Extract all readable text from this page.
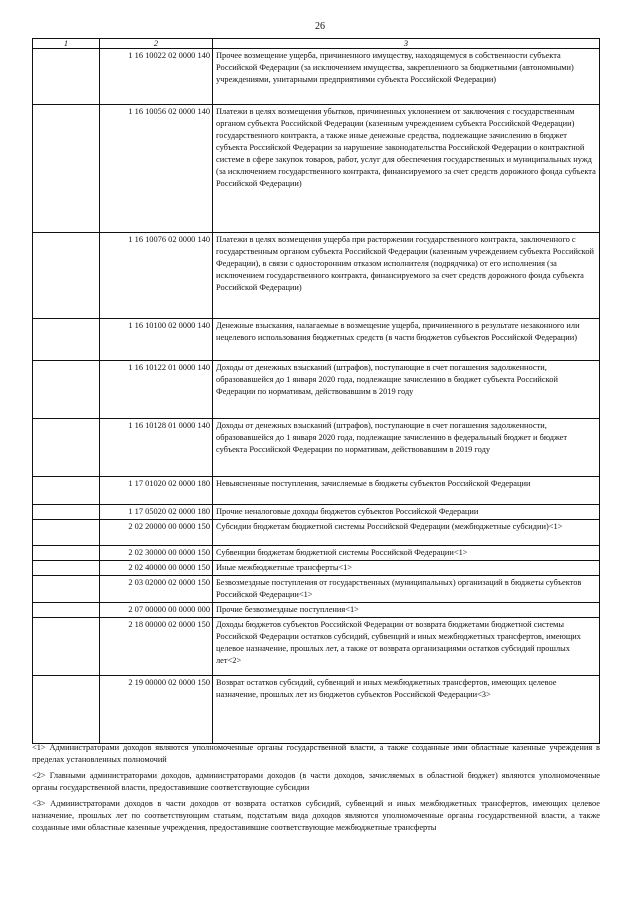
26
1	2	3
	1 16 10022 02 0000 140	Прочее возмещение ущерба, причиненного имуществу, находящемуся в собственности субъекта Российской Федерации (за исключением имущества, закрепленного за бюджетными (автономными) учреждениями, унитарными предприятиями субъекта Российской Федерации)
	1 16 10056 02 0000 140	Платежи в целях возмещения убытков, причиненных уклонением от заключения с государственным органом субъекта Российской Федерации (казенным учреждением субъекта Российской Федерации) государственного контракта, а также иные денежные средства, подлежащие зачислению в бюджет субъекта Российской Федерации за нарушение законодательства Российской Федерации о контрактной системе в сфере закупок товаров, работ, услуг для обеспечения государственных и муниципальных нужд (за исключением государственного контракта, финансируемого за счет средств дорожного фонда субъекта Российской Федерации)
	1 16 10076 02 0000 140	Платежи в целях возмещения ущерба при расторжении государственного контракта, заключенного с государственным органом субъекта Российской Федерации (казенным учреждением субъекта Российской Федерации), в связи с односторонним отказом исполнителя (подрядчика) от его исполнения (за исключением государственного контракта, финансируемого за счет средств дорожного фонда субъекта Российской Федерации)
	1 16 10100 02 0000 140	Денежные взыскания, налагаемые в возмещение ущерба, причиненного в результате незаконного или нецелевого использования бюджетных средств (в части бюджетов субъектов Российской Федерации)
	1 16 10122 01 0000 140	Доходы от денежных взысканий (штрафов), поступающие в счет погашения задолженности, образовавшейся до 1 января 2020 года, подлежащие зачислению в бюджет субъекта Российской Федерации по нормативам, действовавшим в 2019 году
	1 16 10128 01 0000 140	Доходы от денежных взысканий (штрафов), поступающие в счет погашения задолженности, образовавшейся до 1 января 2020 года, подлежащие зачислению в федеральный бюджет и бюджет субъекта Российской Федерации по нормативам, действовавшим в 2019 году
	1 17 01020 02 0000 180	Невыясненные поступления, зачисляемые в бюджеты субъектов Российской Федерации
	1 17 05020 02 0000 180	Прочие неналоговые доходы бюджетов субъектов Российской Федерации
	2 02 20000 00 0000 150	Субсидии бюджетам бюджетной системы Российской Федерации (межбюджетные субсидии)<1>
	2 02 30000 00 0000 150	Субвенции бюджетам бюджетной системы Российской Федерации<1>
	2 02 40000 00 0000 150	Иные межбюджетные трансферты<1>
	2 03 02000 02 0000 150	Безвозмездные поступления от государственных (муниципальных) организаций в бюджеты субъектов Российской Федерации<1>
	2 07 00000 00 0000 000	Прочие безвозмездные поступления<1>
	2 18 00000 02 0000 150	Доходы бюджетов субъектов Российской Федерации от возврата бюджетами бюджетной системы Российской Федерации остатков субсидий, субвенций и иных межбюджетных трансфертов, имеющих целевое назначение, прошлых лет, а также от возврата организациями остатков субсидий прошлых лет<2>
	2 19 00000 02 0000 150	Возврат остатков субсидий, субвенций и иных межбюджетных трансфертов, имеющих целевое назначение, прошлых лет из бюджетов субъектов Российской Федерации<3>

<1> Администраторами доходов являются уполномоченные органы государственной власти, а также созданные ими областные казенные учреждения в пределах установленных полномочий

<2> Главными администраторами доходов, администраторами доходов (в части доходов, зачисляемых в областной бюджет) являются уполномоченные органы государственной власти, предоставившие соответствующие субсидии

<3> Администраторами доходов в части доходов от возврата остатков субсидий, субвенций и иных межбюджетных трансфертов, имеющих целевое назначение, прошлых лет по соответствующим статьям, подстатьям вида доходов являются уполномоченные органы государственной власти, а также созданные ими областные казенные учреждения, предоставившие соответствующие межбюджетные трансферты
